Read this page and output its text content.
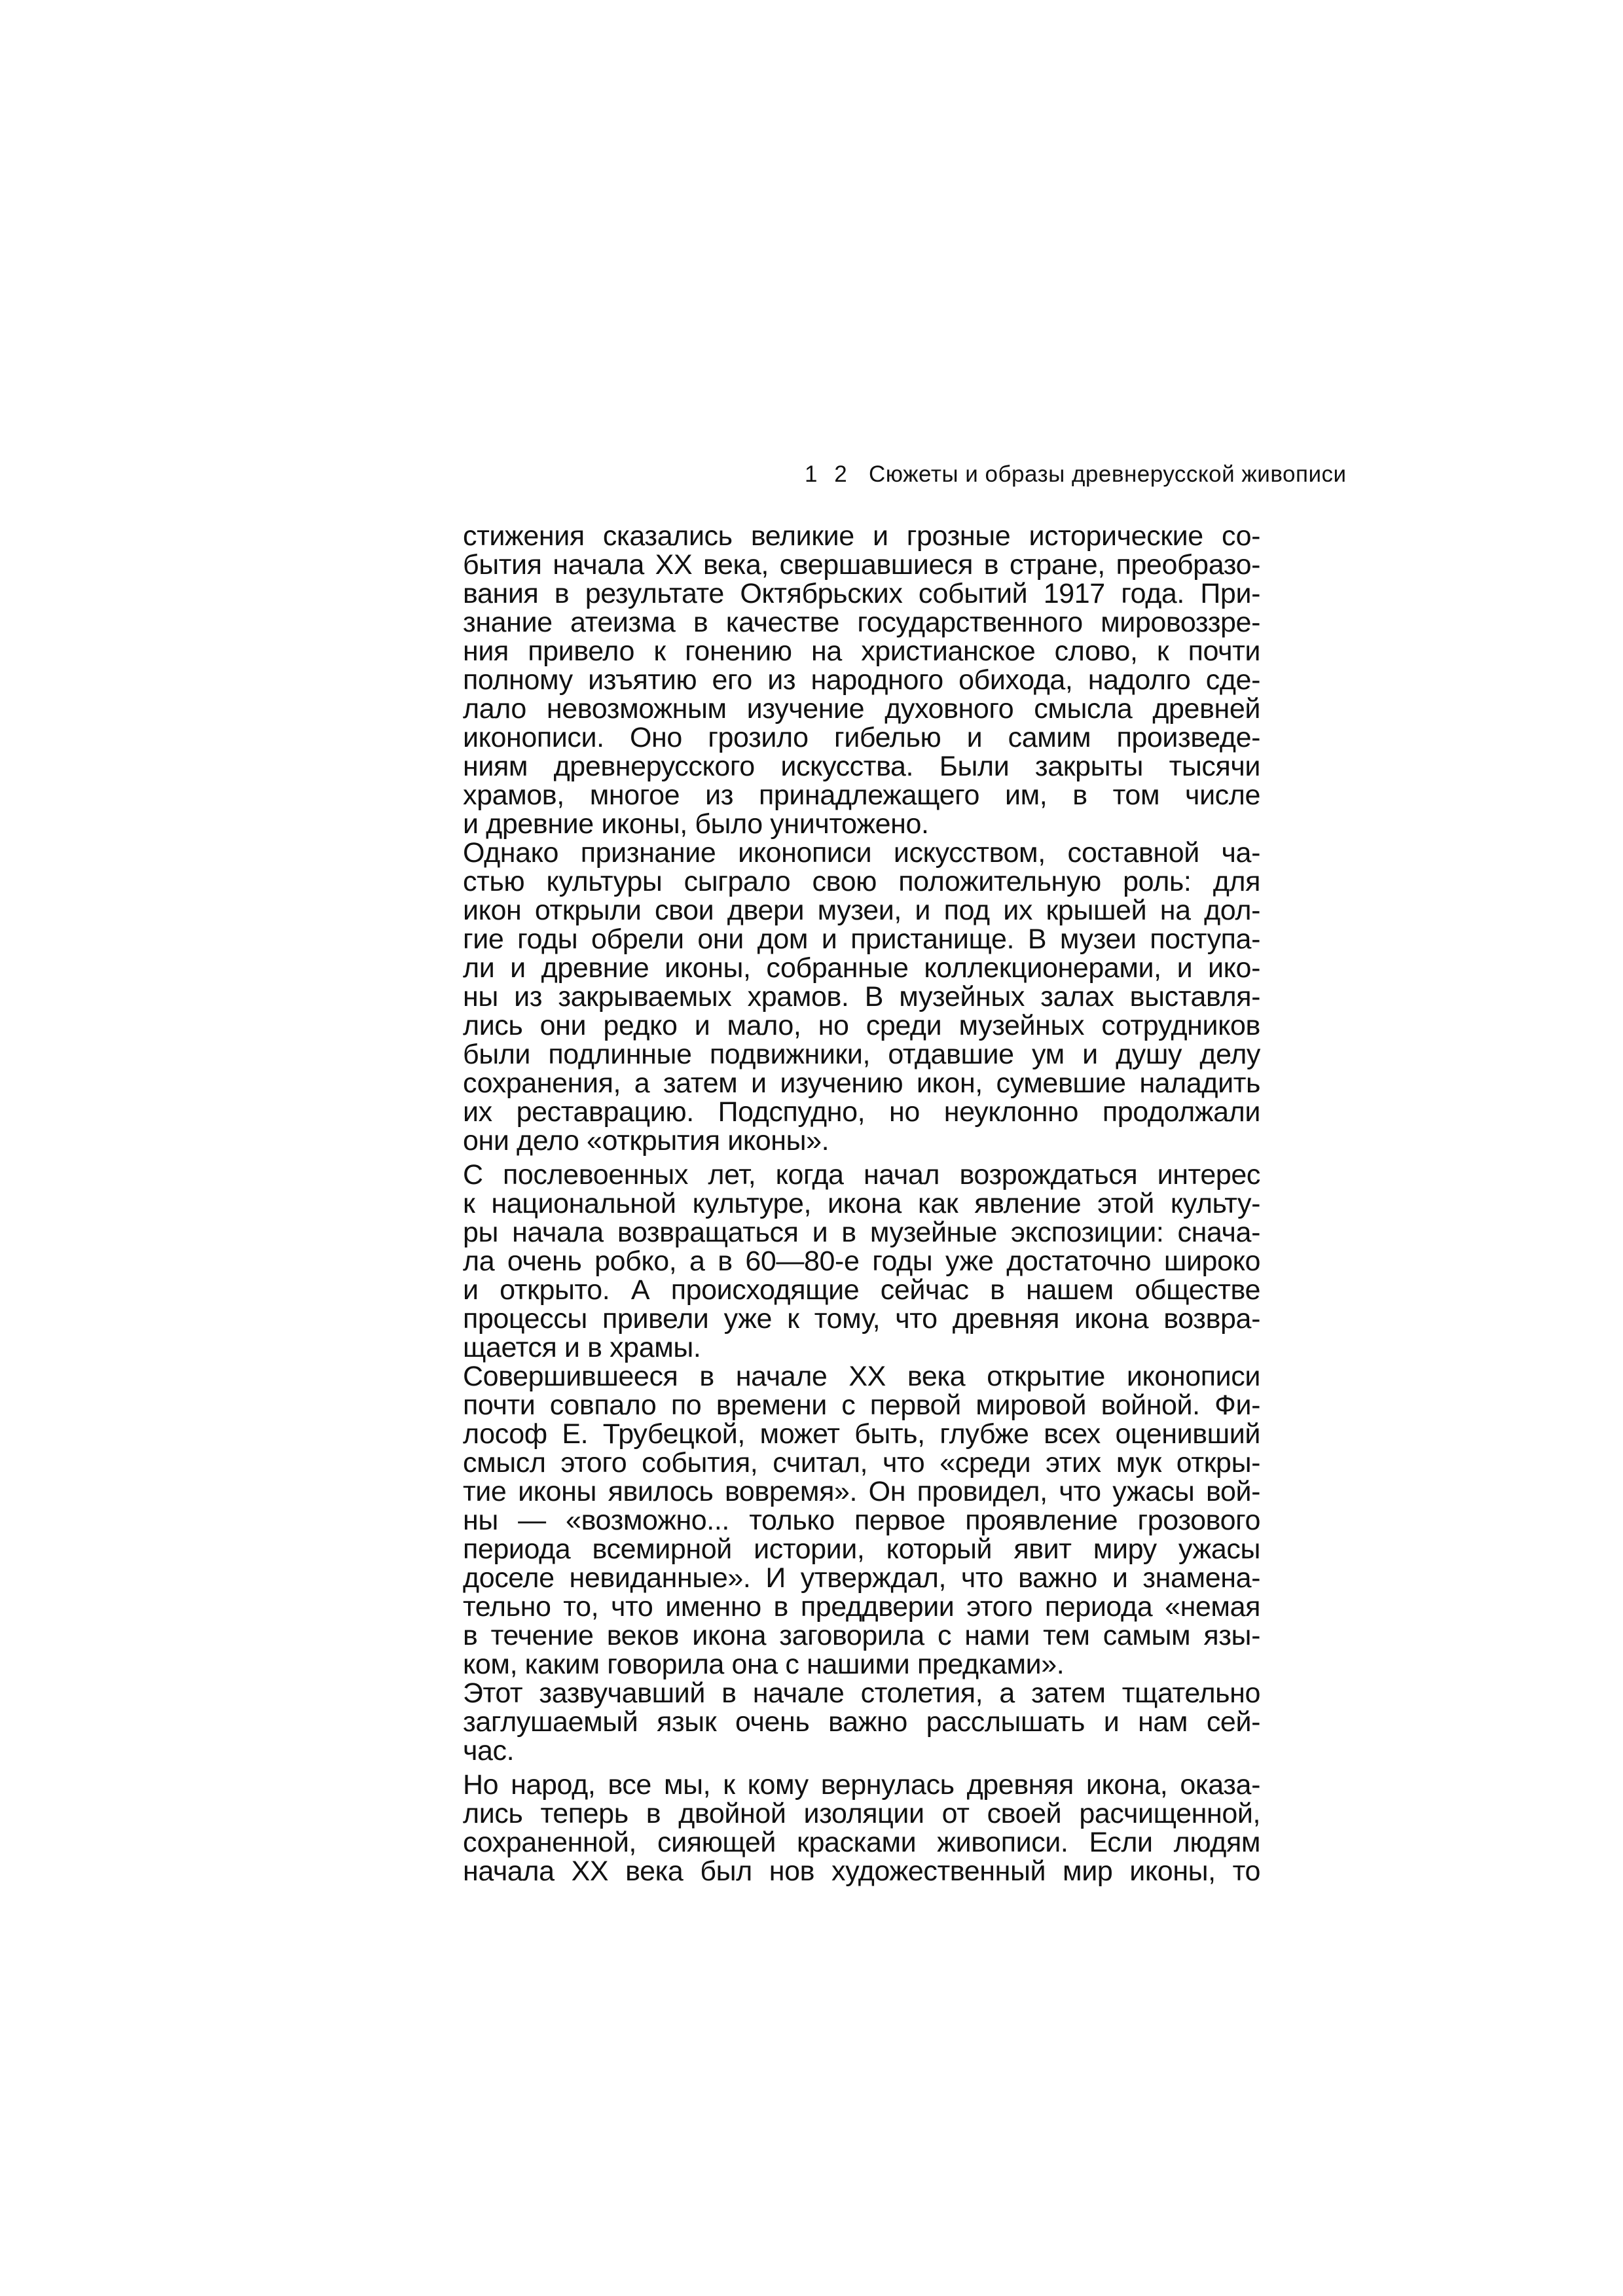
1 2 Сюжеты и образы древнерусской живописи
стижения сказались великие и грозные исторические со-
бытия начала XX века, свершавшиеся в стране, преобразо-
вания в результате Октябрьских событий 1917 года. При-
знание атеизма в качестве государственного мировоззре-
ния привело к гонению на христианское слово, к почти
полному изъятию его из народного обихода, надолго сде-
лало невозможным изучение духовного смысла древней
иконописи. Оно грозило гибелью и самим произведе-
ниям древнерусского искусства. Были закрыты тысячи
храмов, многое из принадлежащего им, в том числе
и древние иконы, было уничтожено.
Однако признание иконописи искусством, составной ча-
стью культуры сыграло свою положительную роль: для
икон открыли свои двери музеи, и под их крышей на дол-
гие годы обрели они дом и пристанище. В музеи поступа-
ли и древние иконы, собранные коллекционерами, и ико-
ны из закрываемых храмов. В музейных залах выставля-
лись они редко и мало, но среди музейных сотрудников
были подлинные подвижники, отдавшие ум и душу делу
сохранения, а затем и изучению икон, сумевшие наладить
их реставрацию. Подспудно, но неуклонно продолжали
они дело «открытия иконы».
С послевоенных лет, когда начал возрождаться интерес
к национальной культуре, икона как явление этой культу-
ры начала возвращаться и в музейные экспозиции: снача-
ла очень робко, а в 60—80-е годы уже достаточно широко
и открыто. А происходящие сейчас в нашем обществе
процессы привели уже к тому, что древняя икона возвра-
щается и в храмы.
Совершившееся в начале XX века открытие иконописи
почти совпало по времени с первой мировой войной. Фи-
лософ Е. Трубецкой, может быть, глубже всех оценивший
смысл этого события, считал, что «среди этих мук откры-
тие иконы явилось вовремя». Он провидел, что ужасы вой-
ны — «возможно... только первое проявление грозового
периода всемирной истории, который явит миру ужасы
доселе невиданные». И утверждал, что важно и знамена-
тельно то, что именно в преддверии этого периода «немая
в течение веков икона заговорила с нами тем самым язы-
ком, каким говорила она с нашими предками».
Этот зазвучавший в начале столетия, а затем тщательно
заглушаемый язык очень важно расслышать и нам сей-
час.
Но народ, все мы, к кому вернулась древняя икона, оказа-
лись теперь в двойной изоляции от своей расчищенной,
сохраненной, сияющей красками живописи. Если людям
начала XX века был нов художественный мир иконы, то
